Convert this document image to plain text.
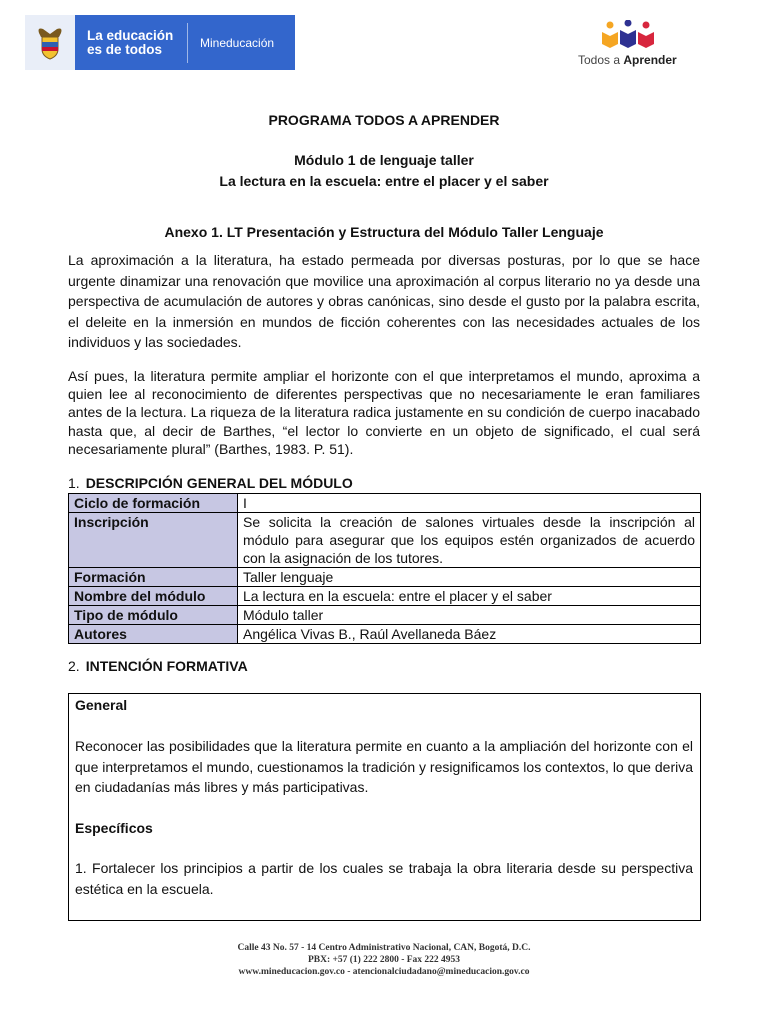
La educación
es de todos	Mineducación
Todos a Aprender
PROGRAMA TODOS A APRENDER
Módulo 1 de lenguaje taller
La lectura en la escuela: entre el placer y el saber
Anexo 1. LT Presentación y Estructura del Módulo Taller Lenguaje

La aproximación a la literatura, ha estado permeada por diversas posturas, por lo que se hace urgente dinamizar una renovación que movilice una aproximación al corpus literario no ya desde una perspectiva de acumulación de autores y obras canónicas, sino desde el gusto por la palabra escrita, el deleite en la inmersión en mundos de ficción coherentes con las necesidades actuales de los individuos y las sociedades.

Así pues, la literatura permite ampliar el horizonte con el que interpretamos el mundo, aproxima a quien lee al reconocimiento de diferentes perspectivas que no necesariamente le eran familiares antes de la lectura. La riqueza de la literatura radica justamente en su condición de cuerpo inacabado hasta que, al decir de Barthes, “el lector lo convierte en un objeto de significado, el cual será necesariamente plural” (Barthes, 1983. P. 51).

1. DESCRIPCIÓN GENERAL DEL MÓDULO
Ciclo de formación	I
Inscripción	Se solicita la creación de salones virtuales desde la inscripción al módulo para asegurar que los equipos estén organizados de acuerdo con la asignación de los tutores.
Formación	Taller lenguaje
Nombre del módulo	La lectura en la escuela: entre el placer y el saber
Tipo de módulo	Módulo taller
Autores	Angélica Vivas B., Raúl Avellaneda Báez
2. INTENCIÓN FORMATIVA

General

Reconocer las posibilidades que la literatura permite en cuanto a la ampliación del horizonte con el que interpretamos el mundo, cuestionamos la tradición y resignificamos los contextos, lo que deriva en ciudadanías más libres y más participativas.

Específicos

1. Fortalecer los principios a partir de los cuales se trabaja la obra literaria desde su perspectiva estética en la escuela.

Calle 43 No. 57 - 14 Centro Administrativo Nacional, CAN, Bogotá, D.C.
PBX: +57 (1) 222 2800 - Fax 222 4953
www.mineducacion.gov.co - atencionalciudadano@mineducacion.gov.co
